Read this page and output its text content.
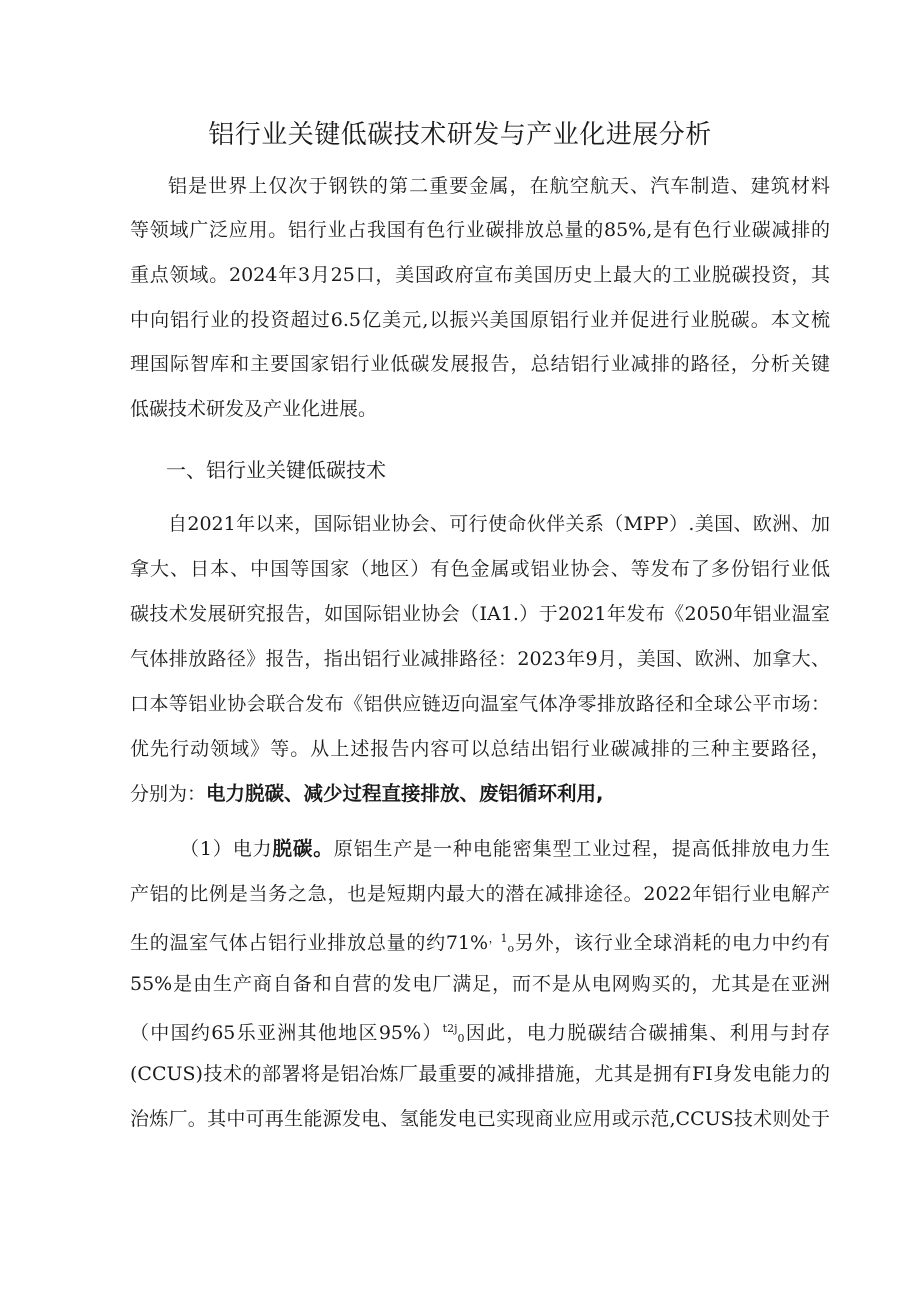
铝行业关键低碳技术研发与产业化进展分析
铝是世界上仅次于钢铁的第二重要金属，在航空航天、汽车制造、建筑材料
等领域广泛应用。铝行业占我国有色行业碳排放总量的85%,是有色行业碳减排的
重点领域。2024年3月25口，美国政府宣布美国历史上最大的工业脱碳投资，其
中向铝行业的投资超过6.5亿美元,以振兴美国原铝行业并促进行业脱碳。本文梳
理国际智库和主要国家铝行业低碳发展报告，总结铝行业减排的路径，分析关键
低碳技术研发及产业化进展。
一、铝行业关键低碳技术
自2021年以来，国际铝业协会、可行使命伙伴关系（MPP）.美国、欧洲、加
拿大、日本、中国等国家（地区）有色金属或铝业协会、等发布了多份铝行业低
碳技术发展研究报告，如国际铝业协会（IA1.）于2021年发布《2050年铝业温室
气体排放路径》报告，指出铝行业减排路径：2023年9月，美国、欧洲、加拿大、
口本等铝业协会联合发布《铝供应链迈向温室气体净零排放路径和全球公平市场：
优先行动领域》等。从上述报告内容可以总结出铝行业碳减排的三种主要路径，
分别为：电力脱碳、减少过程直接排放、废铝循环利用,
（1）电力脱碳。原铝生产是一种电能密集型工业过程，提高低排放电力生
产铝的比例是当务之急，也是短期内最大的潜在减排途径。2022年铝行业电解产
生的温室气体占铝行业排放总量的约71%$^{,1}_o$另外，该行业全球消耗的电力中约有
55%是由生产商自备和自营的发电厂满足，而不是从电网购买的，尤其是在亚洲
（中国约65乐亚洲其他地区95%）$^{t2j}_0$因此，电力脱碳结合碳捕集、利用与封存
(CCUS)技术的部署将是铝冶炼厂最重要的减排措施，尤其是拥有FI身发电能力的
治炼厂。其中可再生能源发电、氢能发电已实现商业应用或示范,CCUS技术则处于
